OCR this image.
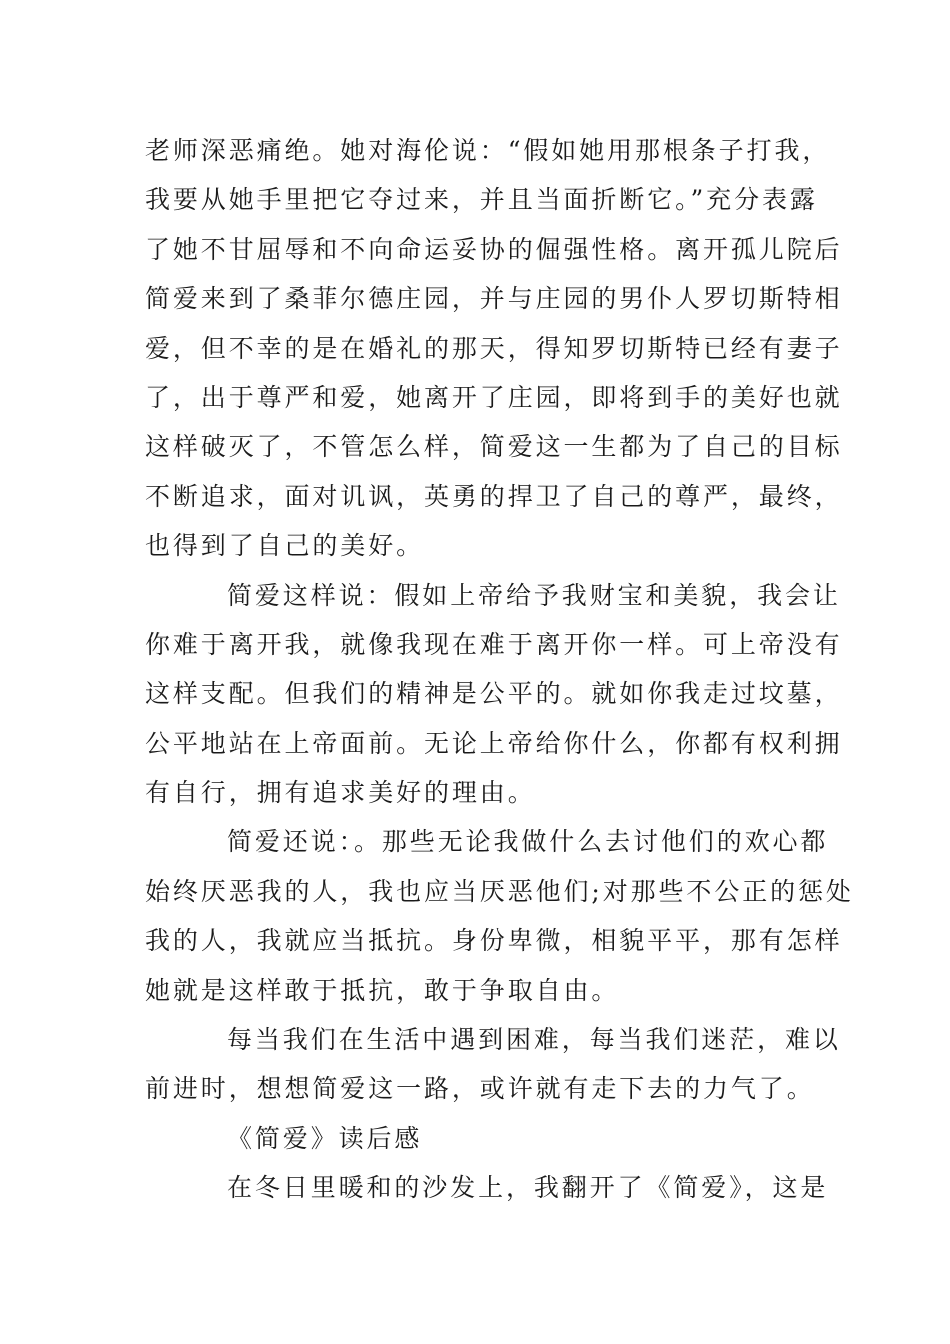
老师深恶痛绝。她对海伦说：“假如她用那根条子打我，
我要从她手里把它夺过来，并且当面折断它。”充分表露
了她不甘屈辱和不向命运妥协的倔强性格。离开孤儿院后
简爱来到了桑菲尔德庄园，并与庄园的男仆人罗切斯特相
爱，但不幸的是在婚礼的那天，得知罗切斯特已经有妻子
了，出于尊严和爱，她离开了庄园，即将到手的美好也就
这样破灭了，不管怎么样，简爱这一生都为了自己的目标
不断追求，面对讥讽，英勇的捍卫了自己的尊严，最终，
也得到了自己的美好。
简爱这样说：假如上帝给予我财宝和美貌，我会让
你难于离开我，就像我现在难于离开你一样。可上帝没有
这样支配。但我们的精神是公平的。就如你我走过坟墓，
公平地站在上帝面前。无论上帝给你什么，你都有权利拥
有自行，拥有追求美好的理由。
简爱还说：。那些无论我做什么去讨他们的欢心都
始终厌恶我的人，我也应当厌恶他们;对那些不公正的惩处
我的人，我就应当抵抗。身份卑微，相貌平平，那有怎样
她就是这样敢于抵抗，敢于争取自由。
每当我们在生活中遇到困难，每当我们迷茫，难以
前进时，想想简爱这一路，或许就有走下去的力气了。
《简爱》读后感
在冬日里暖和的沙发上，我翻开了《简爱》，这是
